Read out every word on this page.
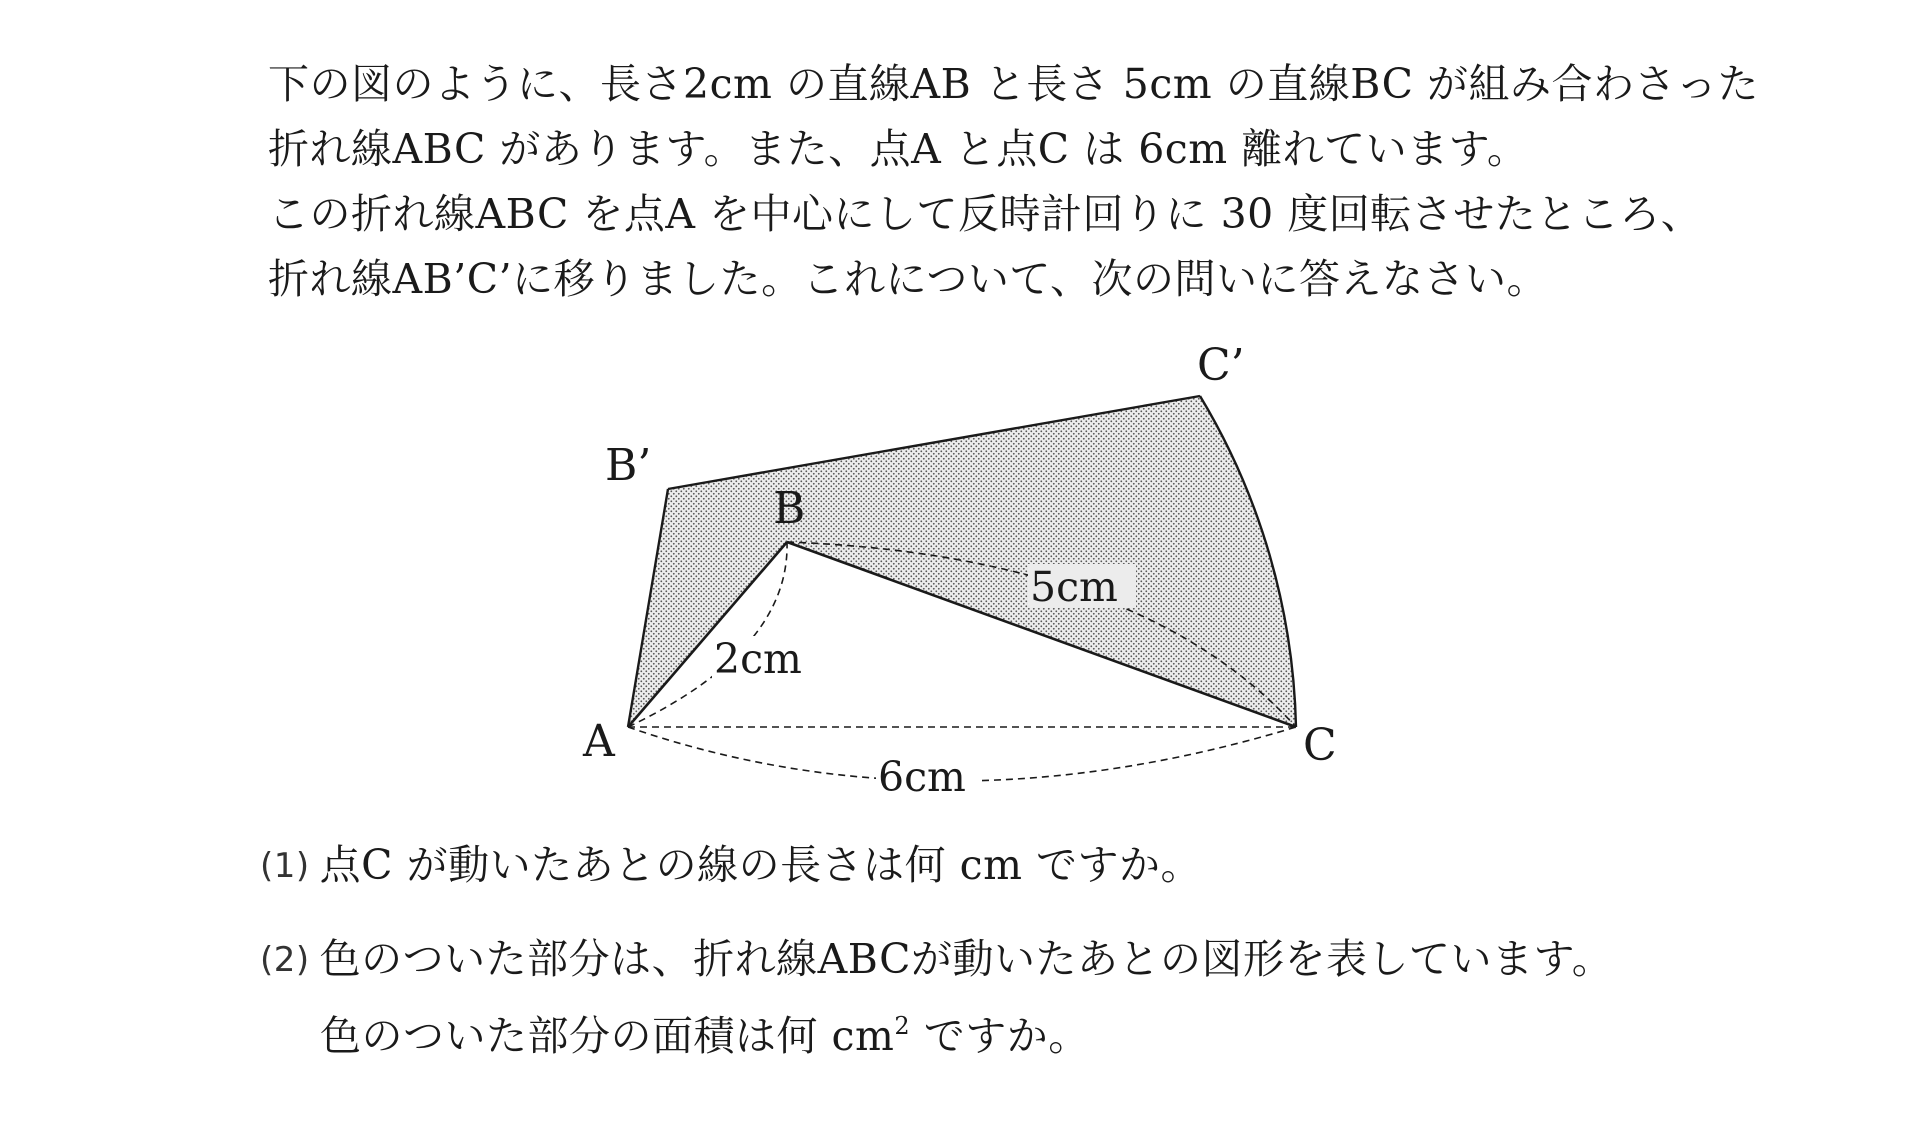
下の図のように、長さ2cm の直線AB と長さ 5cm の直線BC が組み合わさった
折れ線ABC があります。また、点A と点C は 6cm 離れています。
この折れ線ABC を点A を中心にして反時計回りに 30 度回転させたところ、
折れ線AB’C’に移りました。これについて、次の問いに答えなさい。
A
B
C
B’
C’
2cm
5cm
6cm
(1) 点C が動いたあとの線の長さは何 cm ですか。
(2) 色のついた部分は、折れ線ABCが動いたあとの図形を表しています。
色のついた部分の面積は何 $cm^2$ ですか。
